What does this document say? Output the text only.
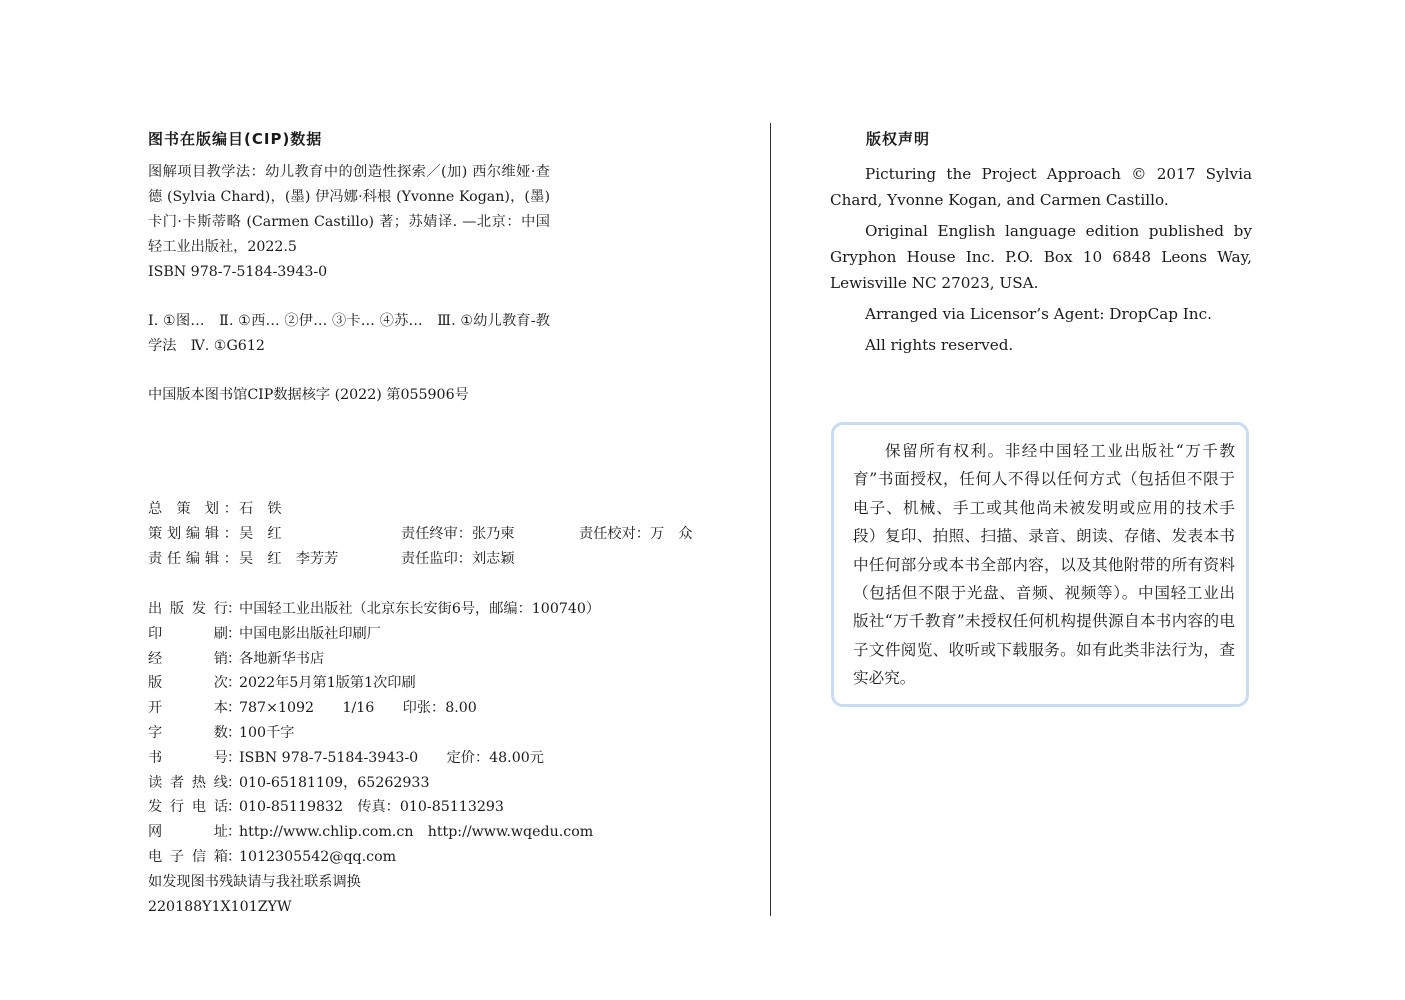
图书在版编目(CIP)数据
图解项目教学法：幼儿教育中的创造性探索／(加) 西尔维娅·查德 (Sylvia Chard)，(墨) 伊冯娜·科根 (Yvonne Kogan)，(墨) 卡门·卡斯蒂略 (Carmen Castillo) 著；苏婧译. —北京：中国轻工业出版社，2022.5
ISBN 978-7-5184-3943-0
Ⅰ. ①图…　Ⅱ. ①西… ②伊… ③卡… ④苏…　Ⅲ. ①幼儿教育-教学法　Ⅳ. ①G612
中国版本图书馆CIP数据核字 (2022) 第055906号
总 策 划： 石　铁
策划编辑： 吴　红	责任终审：张乃柬	责任校对：万　众
责任编辑： 吴　红　李芳芳	责任监印：刘志颖
出版发行 ：
中国轻工业出版社（北京东长安街6号，邮编：100740）
印刷 ：
中国电影出版社印刷厂
经销 ：
各地新华书店
版次 ：
2022年5月第1版第1次印刷
开本 ：
787×1092　　1/16　　印张：8.00
字数 ：
100千字
书号 ：
ISBN 978-7-5184-3943-0　　定价：48.00元
读者热线 ：
010-65181109，65262933
发行电话 ：
010-85119832　传真：010-85113293
网址 ：
http://www.chlip.com.cn　http://www.wqedu.com
电子信箱 ：
1012305542@qq.com
如发现图书残缺请与我社联系调换
220188Y1X101ZYW
版权声明

Picturing the Project Approach © 2017 Sylvia Chard, Yvonne Kogan, and Carmen Castillo.

Original English language edition published by Gryphon House Inc. P.O. Box 10 6848 Leons Way, Lewisville NC 27023, USA.

Arranged via Licensor’s Agent: DropCap Inc.

All rights reserved.

保留所有权利。非经中国轻工业出版社“万千教育”书面授权，任何人不得以任何方式（包括但不限于电子、机械、手工或其他尚未被发明或应用的技术手段）复印、拍照、扫描、录音、朗读、存储、发表本书中任何部分或本书全部内容，以及其他附带的所有资料（包括但不限于光盘、音频、视频等）。中国轻工业出版社“万千教育”未授权任何机构提供源自本书内容的电子文件阅览、收听或下载服务。如有此类非法行为，查实必究。
